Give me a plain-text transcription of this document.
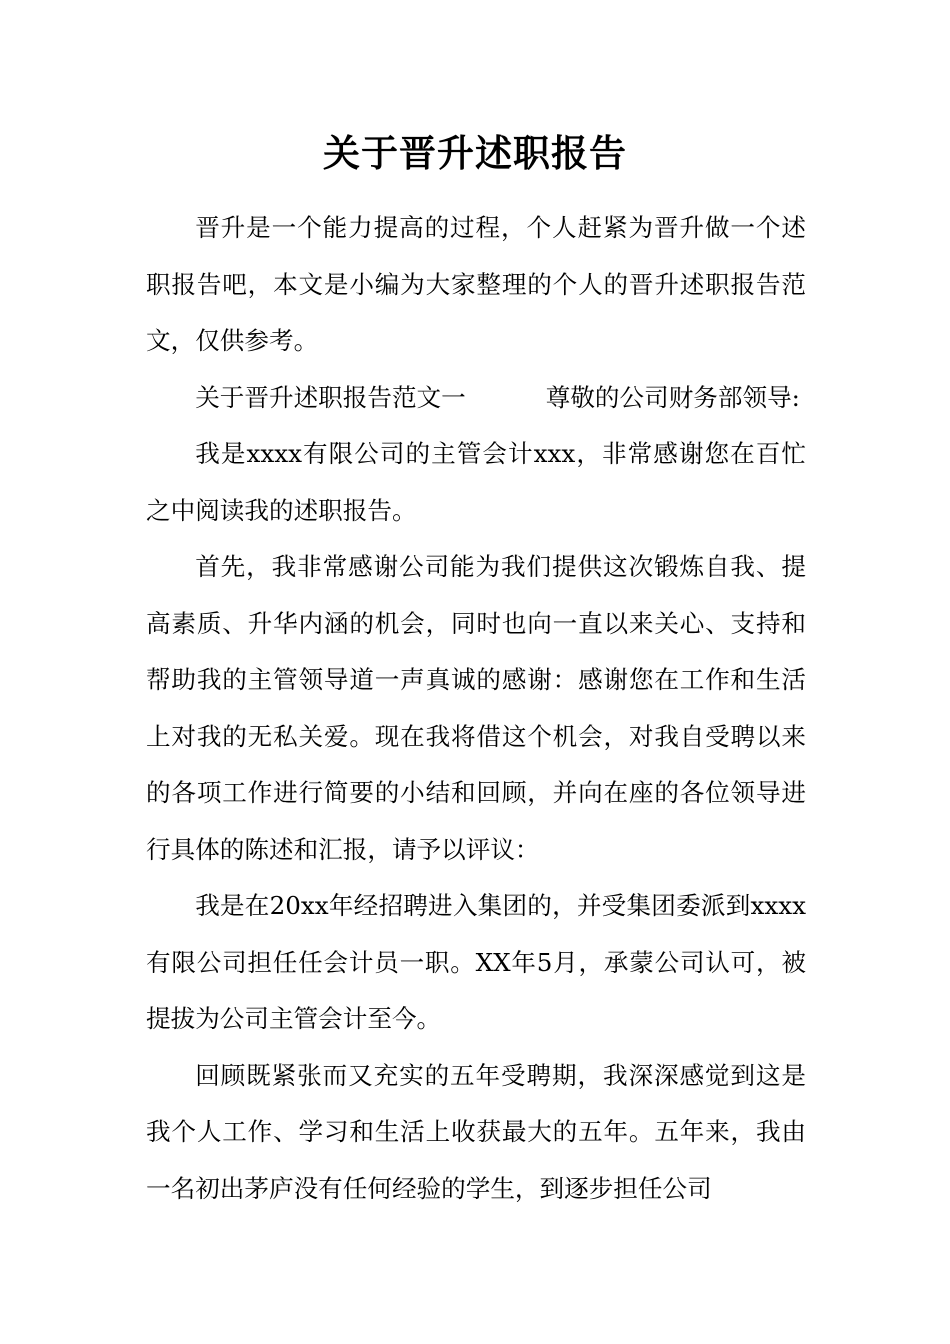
关于晋升述职报告

晋升是一个能力提高的过程，个人赶紧为晋升做一个述职报告吧，本文是小编为大家整理的个人的晋升述职报告范文，仅供参考。

关于晋升述职报告范文一	尊敬的公司财务部领导:

我是xxxx有限公司的主管会计xxx，非常感谢您在百忙之中阅读我的述职报告。

首先，我非常感谢公司能为我们提供这次锻炼自我、提高素质、升华内涵的机会，同时也向一直以来关心、支持和帮助我的主管领导道一声真诚的感谢：感谢您在工作和生活上对我的无私关爱。现在我将借这个机会，对我自受聘以来的各项工作进行简要的小结和回顾，并向在座的各位领导进行具体的陈述和汇报，请予以评议：

我是在20xx年经招聘进入集团的，并受集团委派到xxxx有限公司担任任会计员一职。XX年5月，承蒙公司认可，被提拔为公司主管会计至今。

回顾既紧张而又充实的五年受聘期，我深深感觉到这是我个人工作、学习和生活上收获最大的五年。五年来，我由一名初出茅庐没有任何经验的学生，到逐步担任公司
